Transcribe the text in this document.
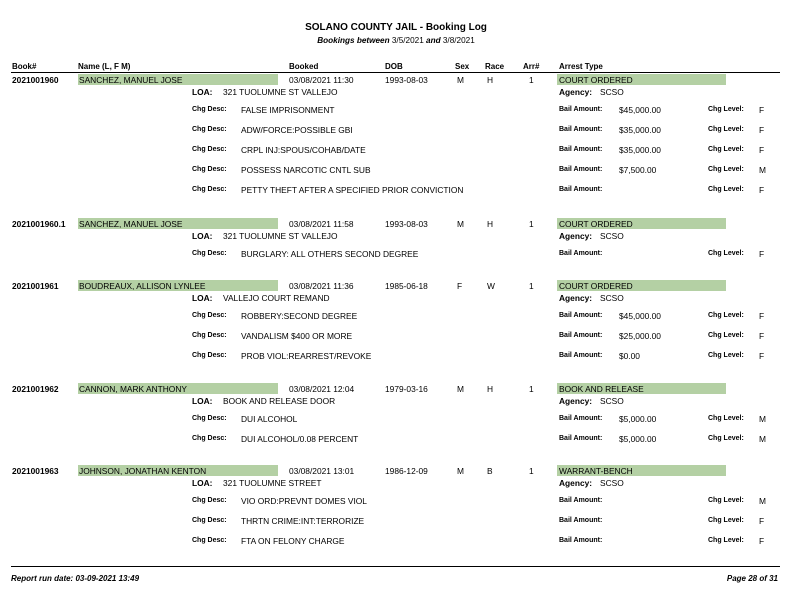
SOLANO COUNTY JAIL - Booking Log
Bookings between 3/5/2021 and 3/8/2021
Book#	Name (L, F M)	Booked	DOB	Sex Race Arr# Arrest Type
2021001960 SANCHEZ, MANUEL JOSE	03/08/2021 11:30	1993-08-03	M	H	1	COURT ORDERED
LOA: 321 TUOLUMNE ST VALLEJO	Agency: SCSO
Chg Desc: FALSE IMPRISONMENT	Bail Amount: $45,000.00	Chg Level: F
Chg Desc: ADW/FORCE:POSSIBLE GBI	Bail Amount: $35,000.00	Chg Level: F
Chg Desc: CRPL INJ:SPOUS/COHAB/DATE	Bail Amount: $35,000.00	Chg Level: F
Chg Desc: POSSESS NARCOTIC CNTL SUB	Bail Amount: $7,500.00	Chg Level: M
Chg Desc: PETTY THEFT AFTER A SPECIFIED PRIOR CONVICTION	Bail Amount:	Chg Level: F
2021001960.1 SANCHEZ, MANUEL JOSE	03/08/2021 11:58	1993-08-03	M	H	1	COURT ORDERED
LOA: 321 TUOLUMNE ST VALLEJO	Agency: SCSO
Chg Desc: BURGLARY: ALL OTHERS SECOND DEGREE	Bail Amount:	Chg Level: F
2021001961 BOUDREAUX, ALLISON LYNLEE	03/08/2021 11:36	1985-06-18	F	W	1	COURT ORDERED
LOA: VALLEJO COURT REMAND	Agency: SCSO
Chg Desc: ROBBERY:SECOND DEGREE	Bail Amount: $45,000.00	Chg Level: F
Chg Desc: VANDALISM $400 OR MORE	Bail Amount: $25,000.00	Chg Level: F
Chg Desc: PROB VIOL:REARREST/REVOKE	Bail Amount: $0.00	Chg Level: F
2021001962 CANNON, MARK ANTHONY	03/08/2021 12:04	1979-03-16	M	H	1	BOOK AND RELEASE
LOA: BOOK AND RELEASE DOOR	Agency: SCSO
Chg Desc: DUI ALCOHOL	Bail Amount: $5,000.00	Chg Level: M
Chg Desc: DUI ALCOHOL/0.08 PERCENT	Bail Amount: $5,000.00	Chg Level: M
2021001963 JOHNSON, JONATHAN KENTON	03/08/2021 13:01	1986-12-09	M	B	1	WARRANT-BENCH
LOA: 321 TUOLUMNE STREET	Agency: SCSO
Chg Desc: VIO ORD:PREVNT DOMES VIOL	Bail Amount:	Chg Level: M
Chg Desc: THRTN CRIME:INT:TERRORIZE	Bail Amount:	Chg Level: F
Chg Desc: FTA ON FELONY CHARGE	Bail Amount:	Chg Level: F
Report run date: 03-09-2021 13:49	Page 28 of 31
